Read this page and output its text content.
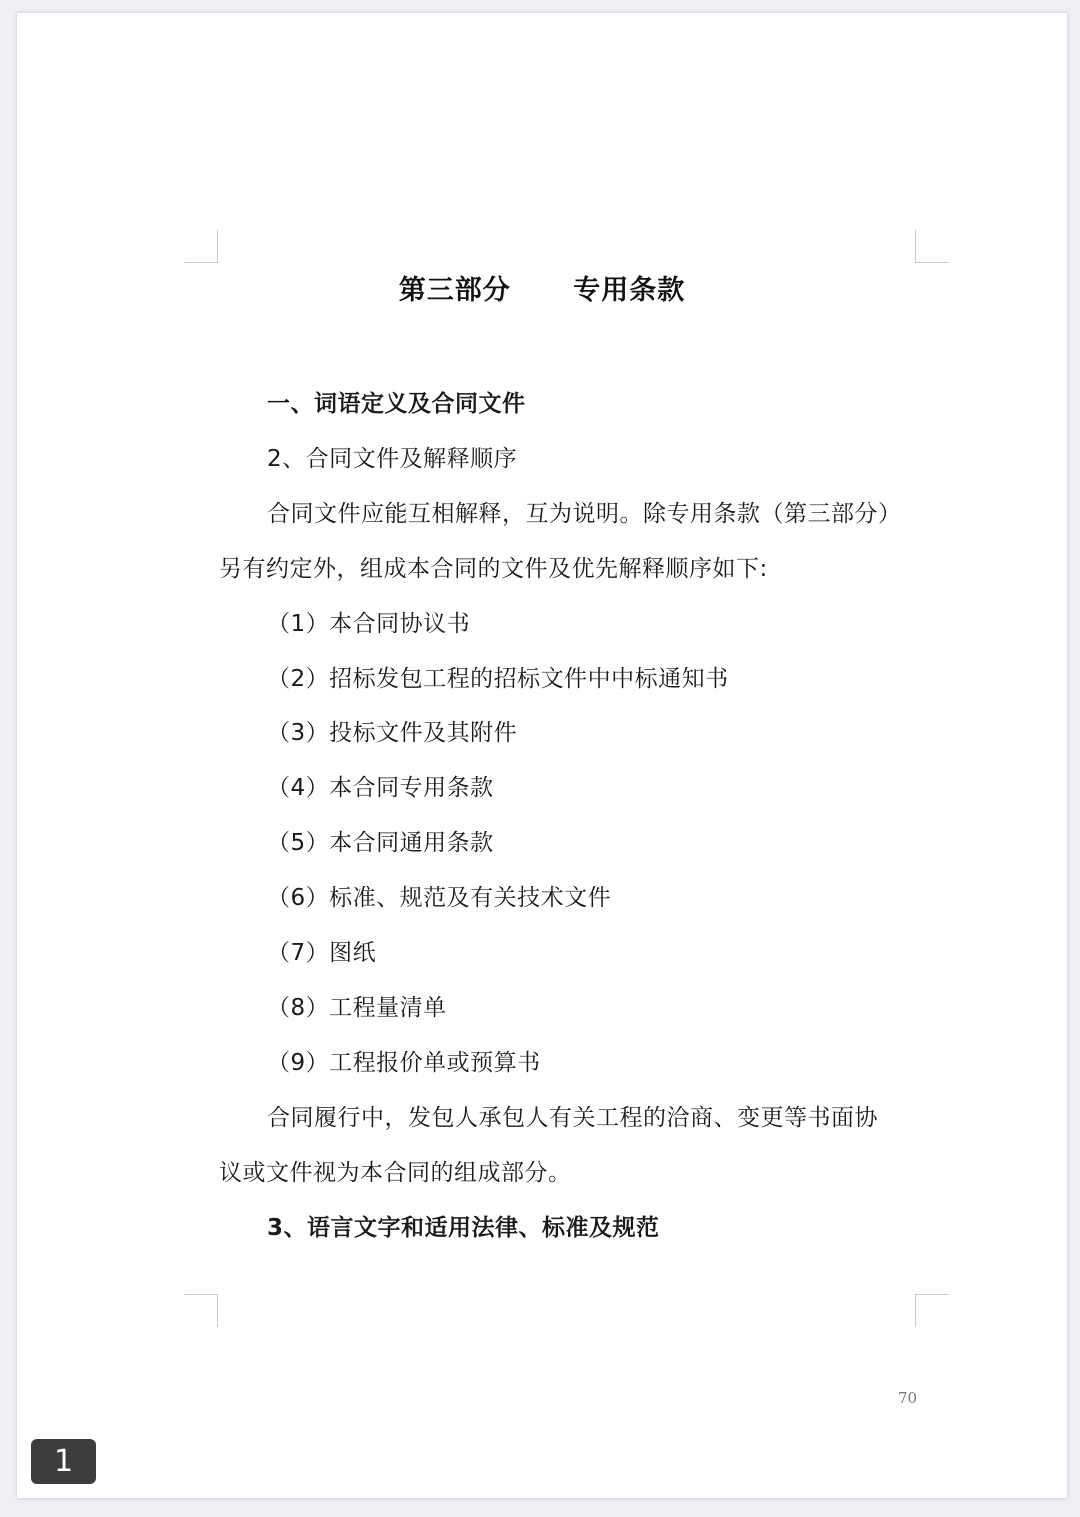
第三部分      专用条款

一、词语定义及合同文件

2、合同文件及解释顺序

合同文件应能互相解释，互为说明。除专用条款（第三部分）

另有约定外，组成本合同的文件及优先解释顺序如下:

（1）本合同协议书

（2）招标发包工程的招标文件中中标通知书

（3）投标文件及其附件

（4）本合同专用条款

（5）本合同通用条款

（6）标准、规范及有关技术文件

（7）图纸

（8）工程量清单

（9）工程报价单或预算书

合同履行中，发包人承包人有关工程的洽商、变更等书面协

议或文件视为本合同的组成部分。

3、语言文字和适用法律、标准及规范

70

1
